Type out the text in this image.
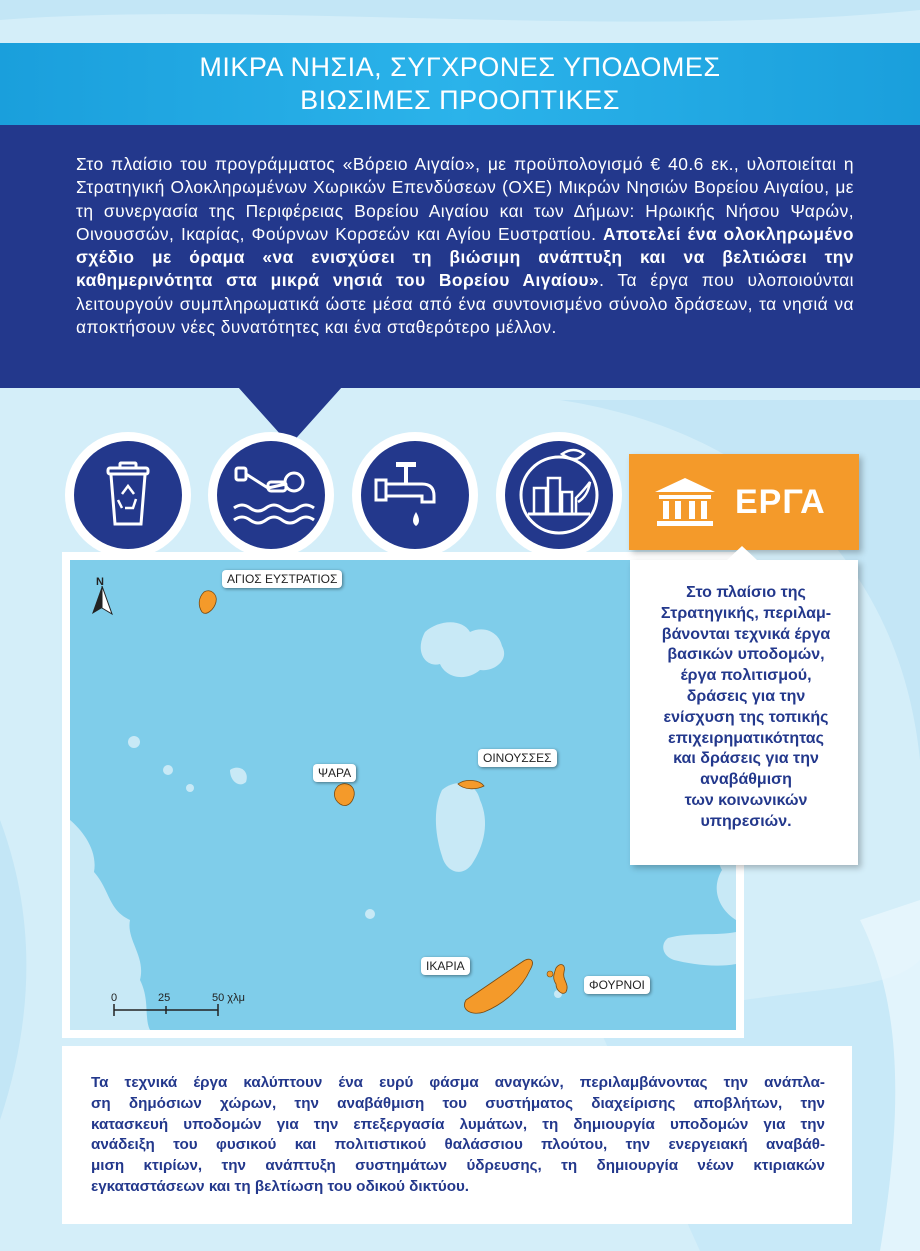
ΜΙΚΡΑ ΝΗΣΙΑ, ΣΥΓΧΡΟΝΕΣ ΥΠΟΔΟΜΕΣ
ΒΙΩΣΙΜΕΣ ΠΡΟΟΠΤΙΚΕΣ
Στο πλαίσιο του προγράμματος «Βόρειο Αιγαίο», με προϋπολογισμό € 40.6 εκ., υλοποιείται η Στρατηγική Ολοκληρωμένων Χωρικών Επενδύσεων (ΟΧΕ) Μικρών Νησιών Βορείου Αιγαίου, με τη συνεργασία της Περιφέρειας Βορείου Αιγαίου και των Δήμων: Ηρωικής Νήσου Ψαρών, Οινουσσών, Ικαρίας, Φούρνων Κορσεών και Αγίου Ευστρατίου. Αποτελεί ένα ολοκληρωμένο σχέδιο με όραμα «να ενισχύσει τη βιώσιμη ανάπτυξη και να βελτιώσει την καθημερινότητα στα μικρά νησιά του Βορείου Αιγαίου». Τα έργα που υλοποιούνται λειτουργούν συμπληρωματικά ώστε μέσα από ένα συντονισμένο σύνολο δράσεων, τα νησιά να αποκτήσουν νέες δυνατότητες και ένα σταθερότερο μέλλον.
ΑΓΙΟΣ ΕΥΣΤΡΑΤΙΟΣ
ΨΑΡΑ
ΟΙΝΟΥΣΣΕΣ
ΙΚΑΡΙΑ
ΦΟΥΡΝΟΙ
N
0	25	50 χλμ
ΕΡΓΑ
Στο πλαίσιο της
Στρατηγικής, περιλαμ-
βάνονται τεχνικά έργα
βασικών υποδομών,
έργα πολιτισμού,
δράσεις για την
ενίσχυση της τοπικής
επιχειρηματικότητας
και δράσεις για την
αναβάθμιση
των κοινωνικών
υπηρεσιών.
Τα τεχνικά έργα καλύπτουν ένα ευρύ φάσμα αναγκών, περιλαμβάνοντας την ανάπλα-
ση δημόσιων χώρων, την αναβάθμιση του συστήματος διαχείρισης αποβλήτων, την
κατασκευή υποδομών για την επεξεργασία λυμάτων, τη δημιουργία υποδομών για την
ανάδειξη του φυσικού και πολιτιστικού θαλάσσιου πλούτου, την ενεργειακή αναβάθ-
μιση κτιρίων, την ανάπτυξη συστημάτων ύδρευσης, τη δημιουργία νέων κτιριακών
εγκαταστάσεων και τη βελτίωση του οδικού δικτύου.
